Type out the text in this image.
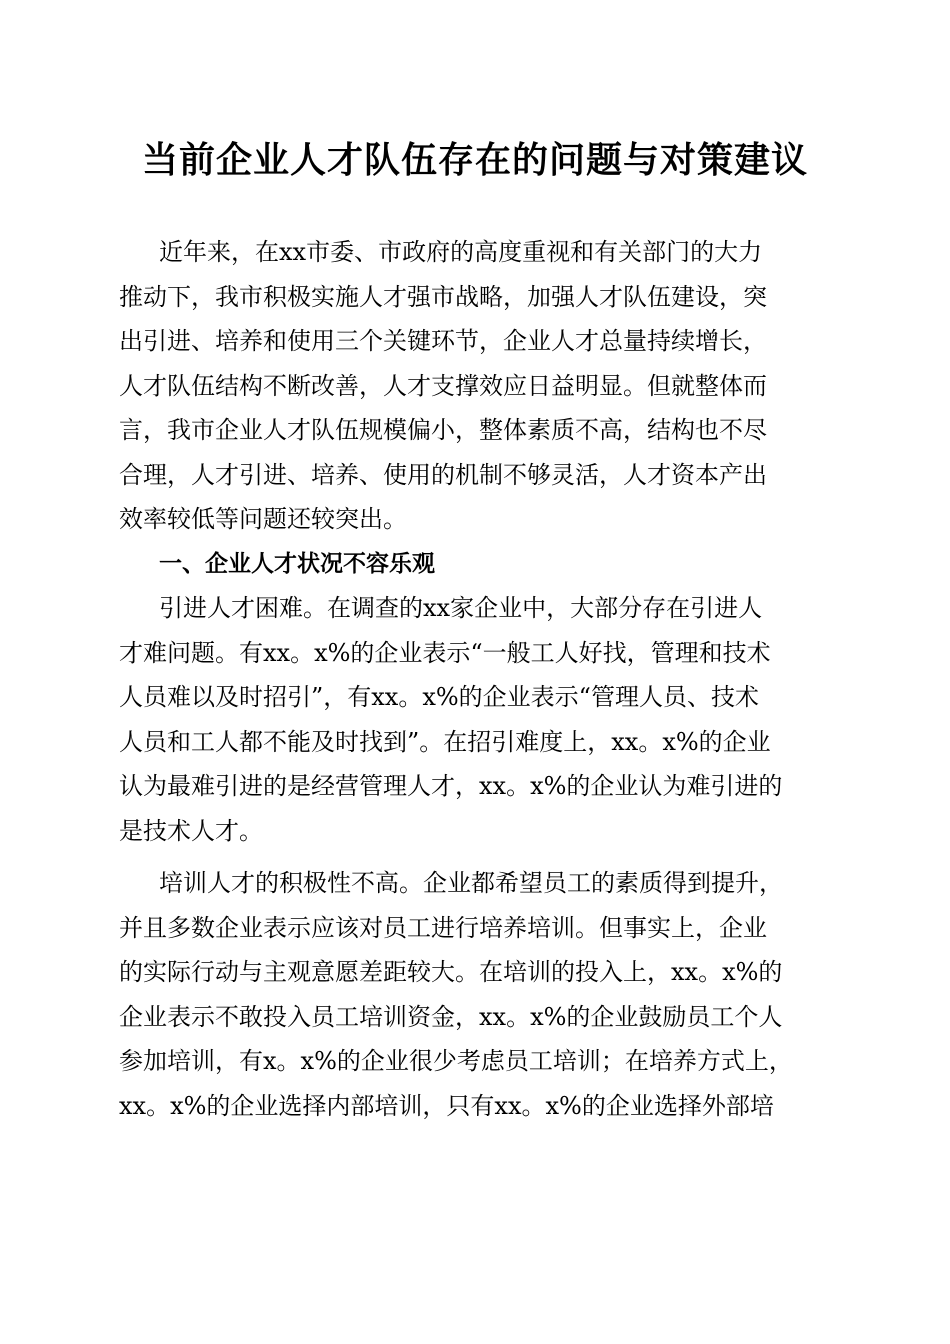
当前企业人才队伍存在的问题与对策建议
近年来，在xx市委、市政府的高度重视和有关部门的大力
推动下，我市积极实施人才强市战略，加强人才队伍建设，突
出引进、培养和使用三个关键环节，企业人才总量持续增长，
人才队伍结构不断改善，人才支撑效应日益明显。但就整体而
言，我市企业人才队伍规模偏小，整体素质不高，结构也不尽
合理，人才引进、培养、使用的机制不够灵活，人才资本产出
效率较低等问题还较突出。
一、企业人才状况不容乐观
引进人才困难。在调查的xx家企业中，大部分存在引进人
才难问题。有xx。x%的企业表示“一般工人好找，管理和技术
人员难以及时招引”，有xx。x%的企业表示“管理人员、技术
人员和工人都不能及时找到”。在招引难度上，xx。x%的企业
认为最难引进的是经营管理人才，xx。x%的企业认为难引进的
是技术人才。
培训人才的积极性不高。企业都希望员工的素质得到提升，
并且多数企业表示应该对员工进行培养培训。但事实上，企业
的实际行动与主观意愿差距较大。在培训的投入上，xx。x%的
企业表示不敢投入员工培训资金，xx。x%的企业鼓励员工个人
参加培训，有x。x%的企业很少考虑员工培训；在培养方式上，
xx。x%的企业选择内部培训，只有xx。x%的企业选择外部培
